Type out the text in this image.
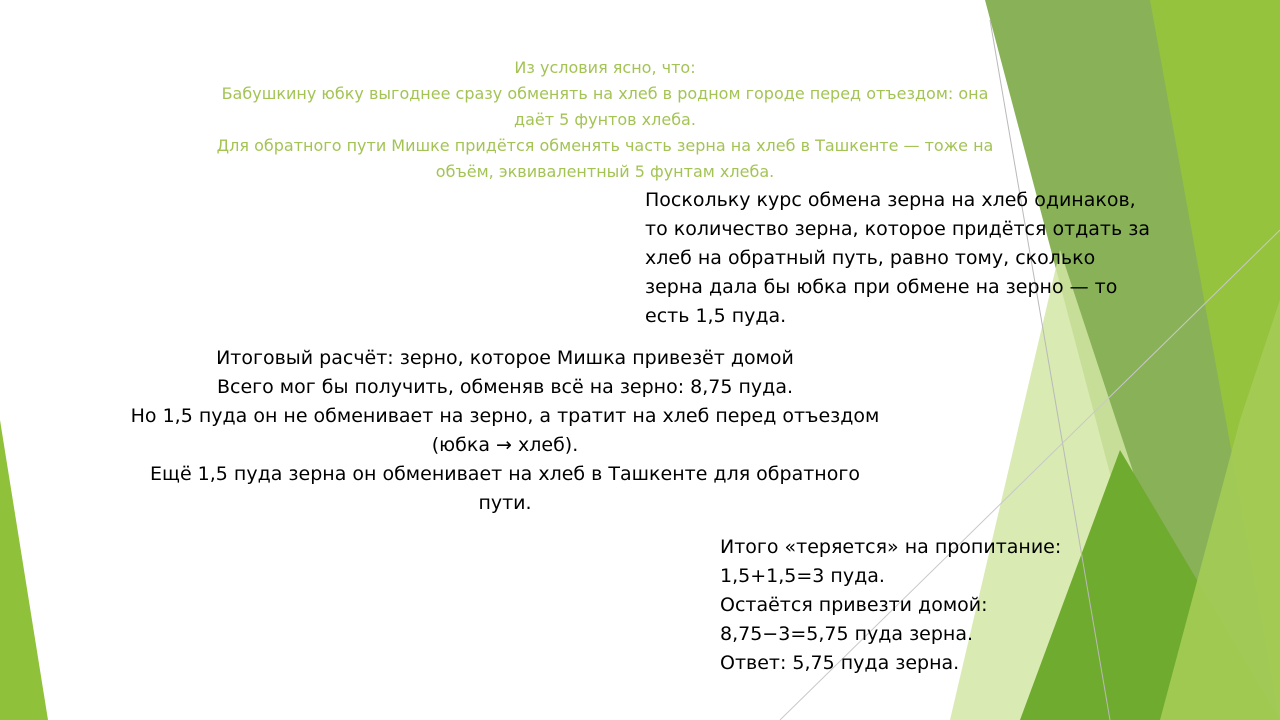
Из условия ясно, что:
Бабушкину юбку выгоднее сразу обменять на хлеб в родном городе перед отъездом: она
даёт 5 фунтов хлеба.
Для обратного пути Мишке придётся обменять часть зерна на хлеб в Ташкенте — тоже на
объём, эквивалентный 5 фунтам хлеба.
Поскольку курс обмена зерна на хлеб одинаков,
то количество зерна, которое придётся отдать за
хлеб на обратный путь, равно тому, сколько
зерна дала бы юбка при обмене на зерно — то
есть 1,5 пуда.
Итоговый расчёт: зерно, которое Мишка привезёт домой
Всего мог бы получить, обменяв всё на зерно: 8,75 пуда.
Но 1,5 пуда он не обменивает на зерно, а тратит на хлеб перед отъездом
(юбка → хлеб).
Ещё 1,5 пуда зерна он обменивает на хлеб в Ташкенте для обратного
пути.
Итого «теряется» на пропитание:
1,5+1,5=3 пуда.
Остаётся привезти домой:
8,75−3=5,75 пуда зерна.
Ответ: 5,75 пуда зерна.
